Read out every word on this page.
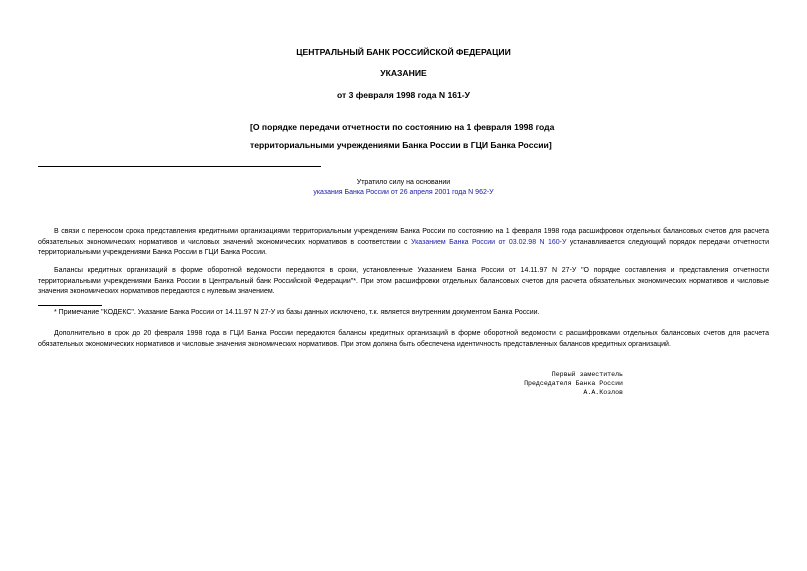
ЦЕНТРАЛЬНЫЙ БАНК РОССИЙСКОЙ ФЕДЕРАЦИИ
УКАЗАНИЕ
от 3 февраля 1998 года N 161-У
[О порядке передачи отчетности по состоянию на 1 февраля 1998 года
территориальными учреждениями Банка России в ГЦИ Банка России]
Утратило силу на основании
указания Банка России от 26 апреля 2001 года N 962-У
В связи с переносом срока представления кредитными организациями территориальным учреждениям Банка России по состоянию на 1 февраля 1998 года расшифровок отдельных балансовых счетов для расчета обязательных экономических нормативов и числовых значений экономических нормативов в соответствии с Указанием Банка России от 03.02.98 N 160-У устанавливается следующий порядок передачи отчетности территориальными учреждениями Банка России в ГЦИ Банка России.
Балансы кредитных организаций в форме оборотной ведомости передаются в сроки, установленные Указанием Банка России от 14.11.97 N 27-У "О порядке составления и представления отчетности территориальными учреждениями Банка России в Центральный банк Российской Федерации"*. При этом расшифровки отдельных балансовых счетов для расчета обязательных экономических нормативов и числовые значения экономических нормативов передаются с нулевым значением.
* Примечание "КОДЕКС". Указание Банка России от 14.11.97 N 27-У из базы данных исключено, т.к. является внутренним документом Банка России.
Дополнительно в срок до 20 февраля 1998 года в ГЦИ Банка России передаются балансы кредитных организаций в форме оборотной ведомости с расшифровками отдельных балансовых счетов для расчета обязательных экономических нормативов и числовые значения экономических нормативов. При этом должна быть обеспечена идентичность представленных балансов кредитных организаций.
Первый заместитель
Председателя Банка России
А.А.Козлов
